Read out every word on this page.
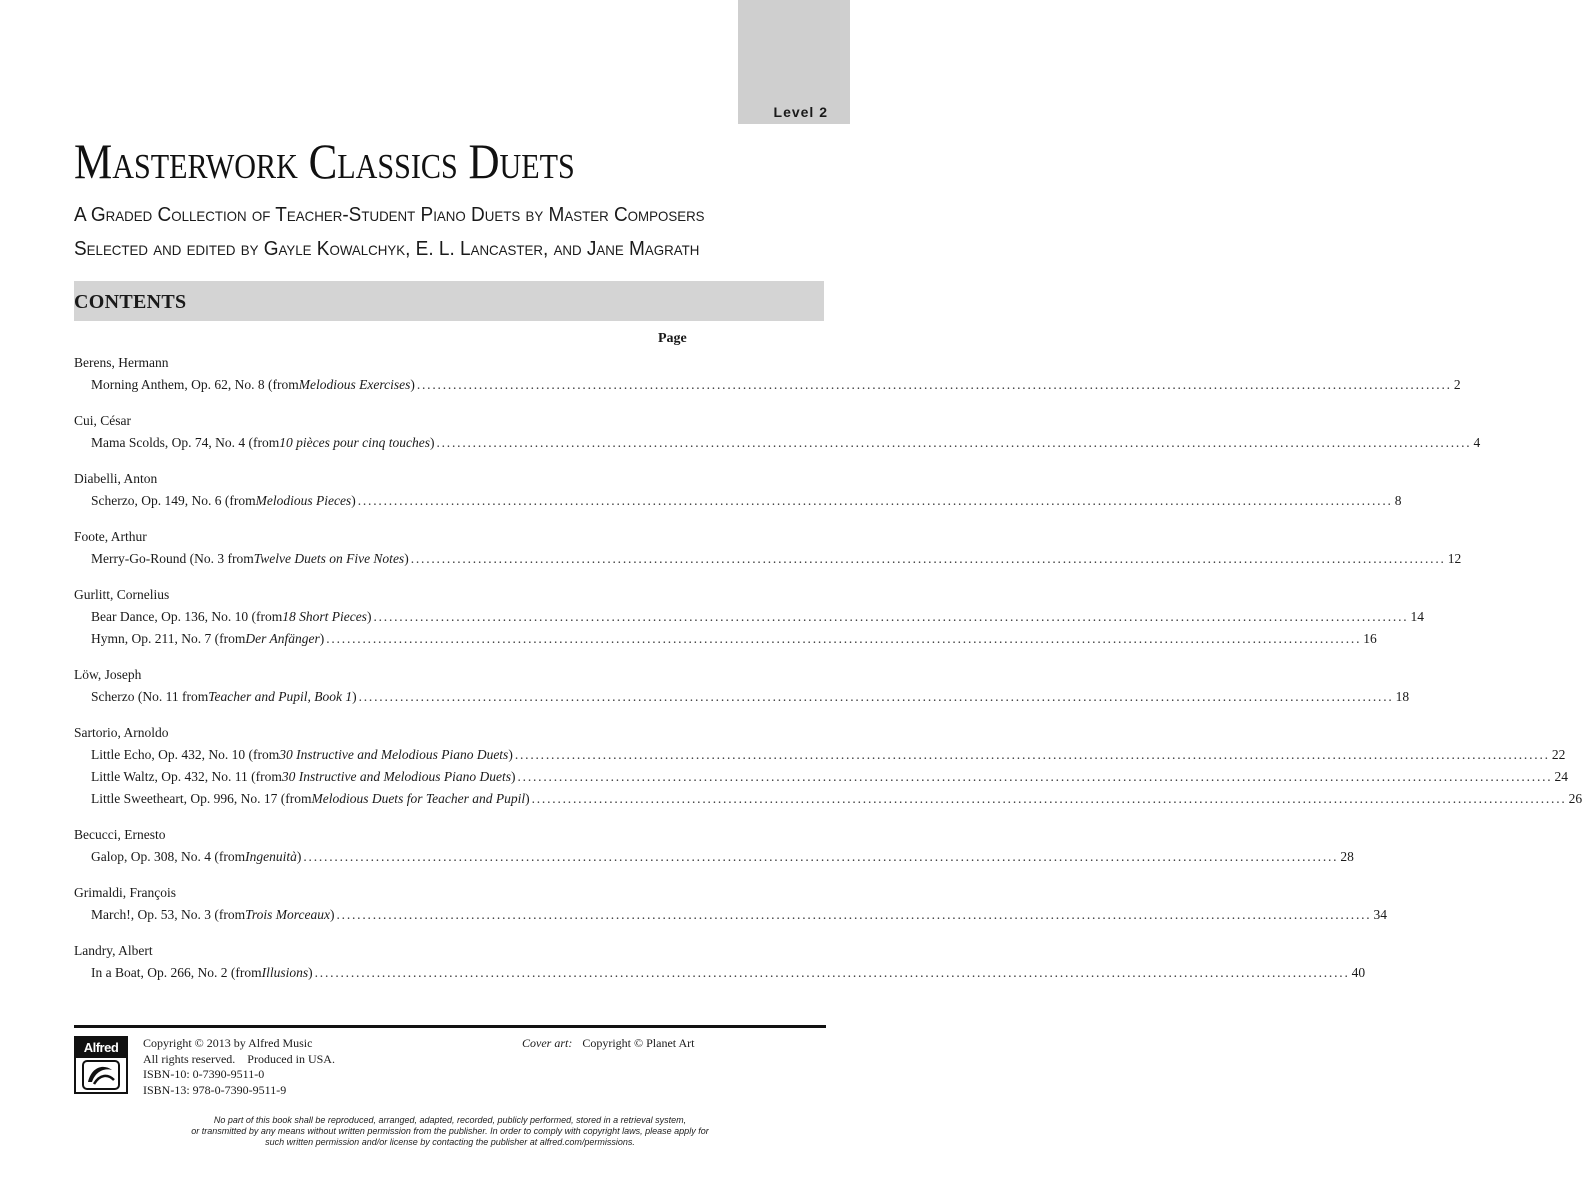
Level 2
Masterwork Classics Duets
A Graded Collection of Teacher-Student Piano Duets by Master Composers
Selected and edited by Gayle Kowalchyk, E. L. Lancaster, and Jane Magrath
CONTENTS
Page
Berens, Hermann
Morning Anthem, Op. 62, No. 8 (from Melodious Exercises ) ........................................................................................................................................................................................................ 2
Cui, César
Mama Scolds, Op. 74, No. 4 (from 10 pièces pour cinq touches ) ........................................................................................................................................................................................................ 4
Diabelli, Anton
Scherzo, Op. 149, No. 6 (from Melodious Pieces ) ........................................................................................................................................................................................................ 8
Foote, Arthur
Merry-Go-Round (No. 3 from Twelve Duets on Five Notes ) ........................................................................................................................................................................................................ 12
Gurlitt, Cornelius
Bear Dance, Op. 136, No. 10 (from 18 Short Pieces ) ........................................................................................................................................................................................................ 14
Hymn, Op. 211, No. 7 (from Der Anfänger ) ........................................................................................................................................................................................................ 16
Löw, Joseph
Scherzo (No. 11 from Teacher and Pupil, Book 1 ) ........................................................................................................................................................................................................ 18
Sartorio, Arnoldo
Little Echo, Op. 432, No. 10 (from 30 Instructive and Melodious Piano Duets ) ........................................................................................................................................................................................................ 22
Little Waltz, Op. 432, No. 11 (from 30 Instructive and Melodious Piano Duets ) ........................................................................................................................................................................................................ 24
Little Sweetheart, Op. 996, No. 17 (from Melodious Duets for Teacher and Pupil ) ........................................................................................................................................................................................................ 26
Becucci, Ernesto
Galop, Op. 308, No. 4 (from Ingenuità ) ........................................................................................................................................................................................................ 28
Grimaldi, François
March!, Op. 53, No. 3 (from Trois Morceaux ) ........................................................................................................................................................................................................ 34
Landry, Albert
In a Boat, Op. 266, No. 2 (from Illusions ) ........................................................................................................................................................................................................ 40
Alfred	Copyright © 2013 by Alfred Music
All rights reserved.    Produced in USA.
ISBN-10: 0-7390-9511-0
ISBN-13: 978-0-7390-9511-9
Cover art: Copyright © Planet Art
No part of this book shall be reproduced, arranged, adapted, recorded, publicly performed, stored in a retrieval system,
or transmitted by any means without written permission from the publisher. In order to comply with copyright laws, please apply for
such written permission and/or license by contacting the publisher at alfred.com/permissions.
